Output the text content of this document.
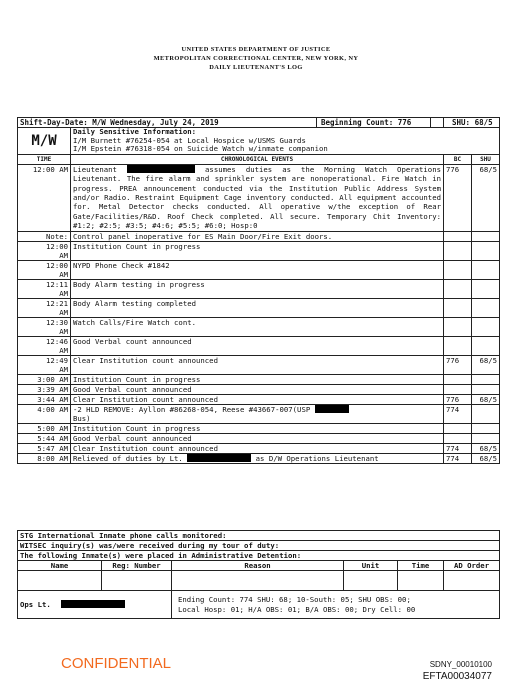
UNITED STATES DEPARTMENT OF JUSTICE
METROPOLITAN CORRECTIONAL CENTER, NEW YORK, NY
DAILY LIEUTENANT'S LOG
Shift-Day-Date: M/W Wednesday, July 24, 2019 Beginning Count: 776		SHU: 68/5	
M/W	Daily Sensitive Information:
I/M Burnett #76254-054 at Local Hospice w/USMS Guards
I/M Epstein #76318-054 on Suicide Watch w/inmate companion		

TIME	CHRONOLOGICAL EVENTS	BC	SHU

12:00 AM	Lieutenant assumes duties as the Morning Watch Operations Lieutenant. The fire alarm and sprinkler system are nonoperational. Fire Watch in progress. PREA announcement conducted via the Institution Public Address System and/or Radio. Restraint Equipment Cage inventory conducted. All equipment accounted for. Metal Detector checks conducted. All operative w/the exception of Rear Gate/Facilities/R&D. Roof Check completed. All secure. Temporary Chit Inventory: #1:2; #2:5; #3:5; #4:6; #5:5; #6:0; Hosp:0	776	68/5

Note:	Control panel inoperative for ES Main Door/Fire Exit doors.		

12:00
AM	Institution Count in progress		

12:00
AM	NYPD Phone Check #1842		

12:11
AM	Body Alarm testing in progress		

12:21
AM	Body Alarm testing completed		

12:30
AM	Watch Calls/Fire Watch cont.		

12:46
AM	Good Verbal count announced		

12:49
AM	Clear Institution count announced	776	68/5

3:00 AM	Institution Count in progress		

3:39 AM	Good Verbal count announced		

3:44 AM	Clear Institution count announced	776	68/5

4:00 AM	-2 HLD REMOVE: Ayllon #86268-054, Reese #43667-007(USP
Bus)	774	

5:00 AM	Institution Count in progress		

5:44 AM	Good Verbal count announced		

5:47 AM	Clear Institution count announced	774	68/5

8:00 AM	Relieved of duties by Lt. as D/W Operations Lieutenant	774	68/5
STG International Inmate phone calls monitored:					
WITSEC inquiry(s) was/were received during my tour of duty:					
The following Inmate(s) were placed in Administrative Detention:					
Name	Reg: Number	Reason	Unit	Time	AD Order

Ops Lt.		Ending Count: 774 SHU: 68; 10-South: 05; SHU OBS: 00;
Local Hosp: 01; H/A OBS: 01; B/A OBS: 00; Dry Cell: 00			
CONFIDENTIAL	SDNY_00010100
EFTA00034077
